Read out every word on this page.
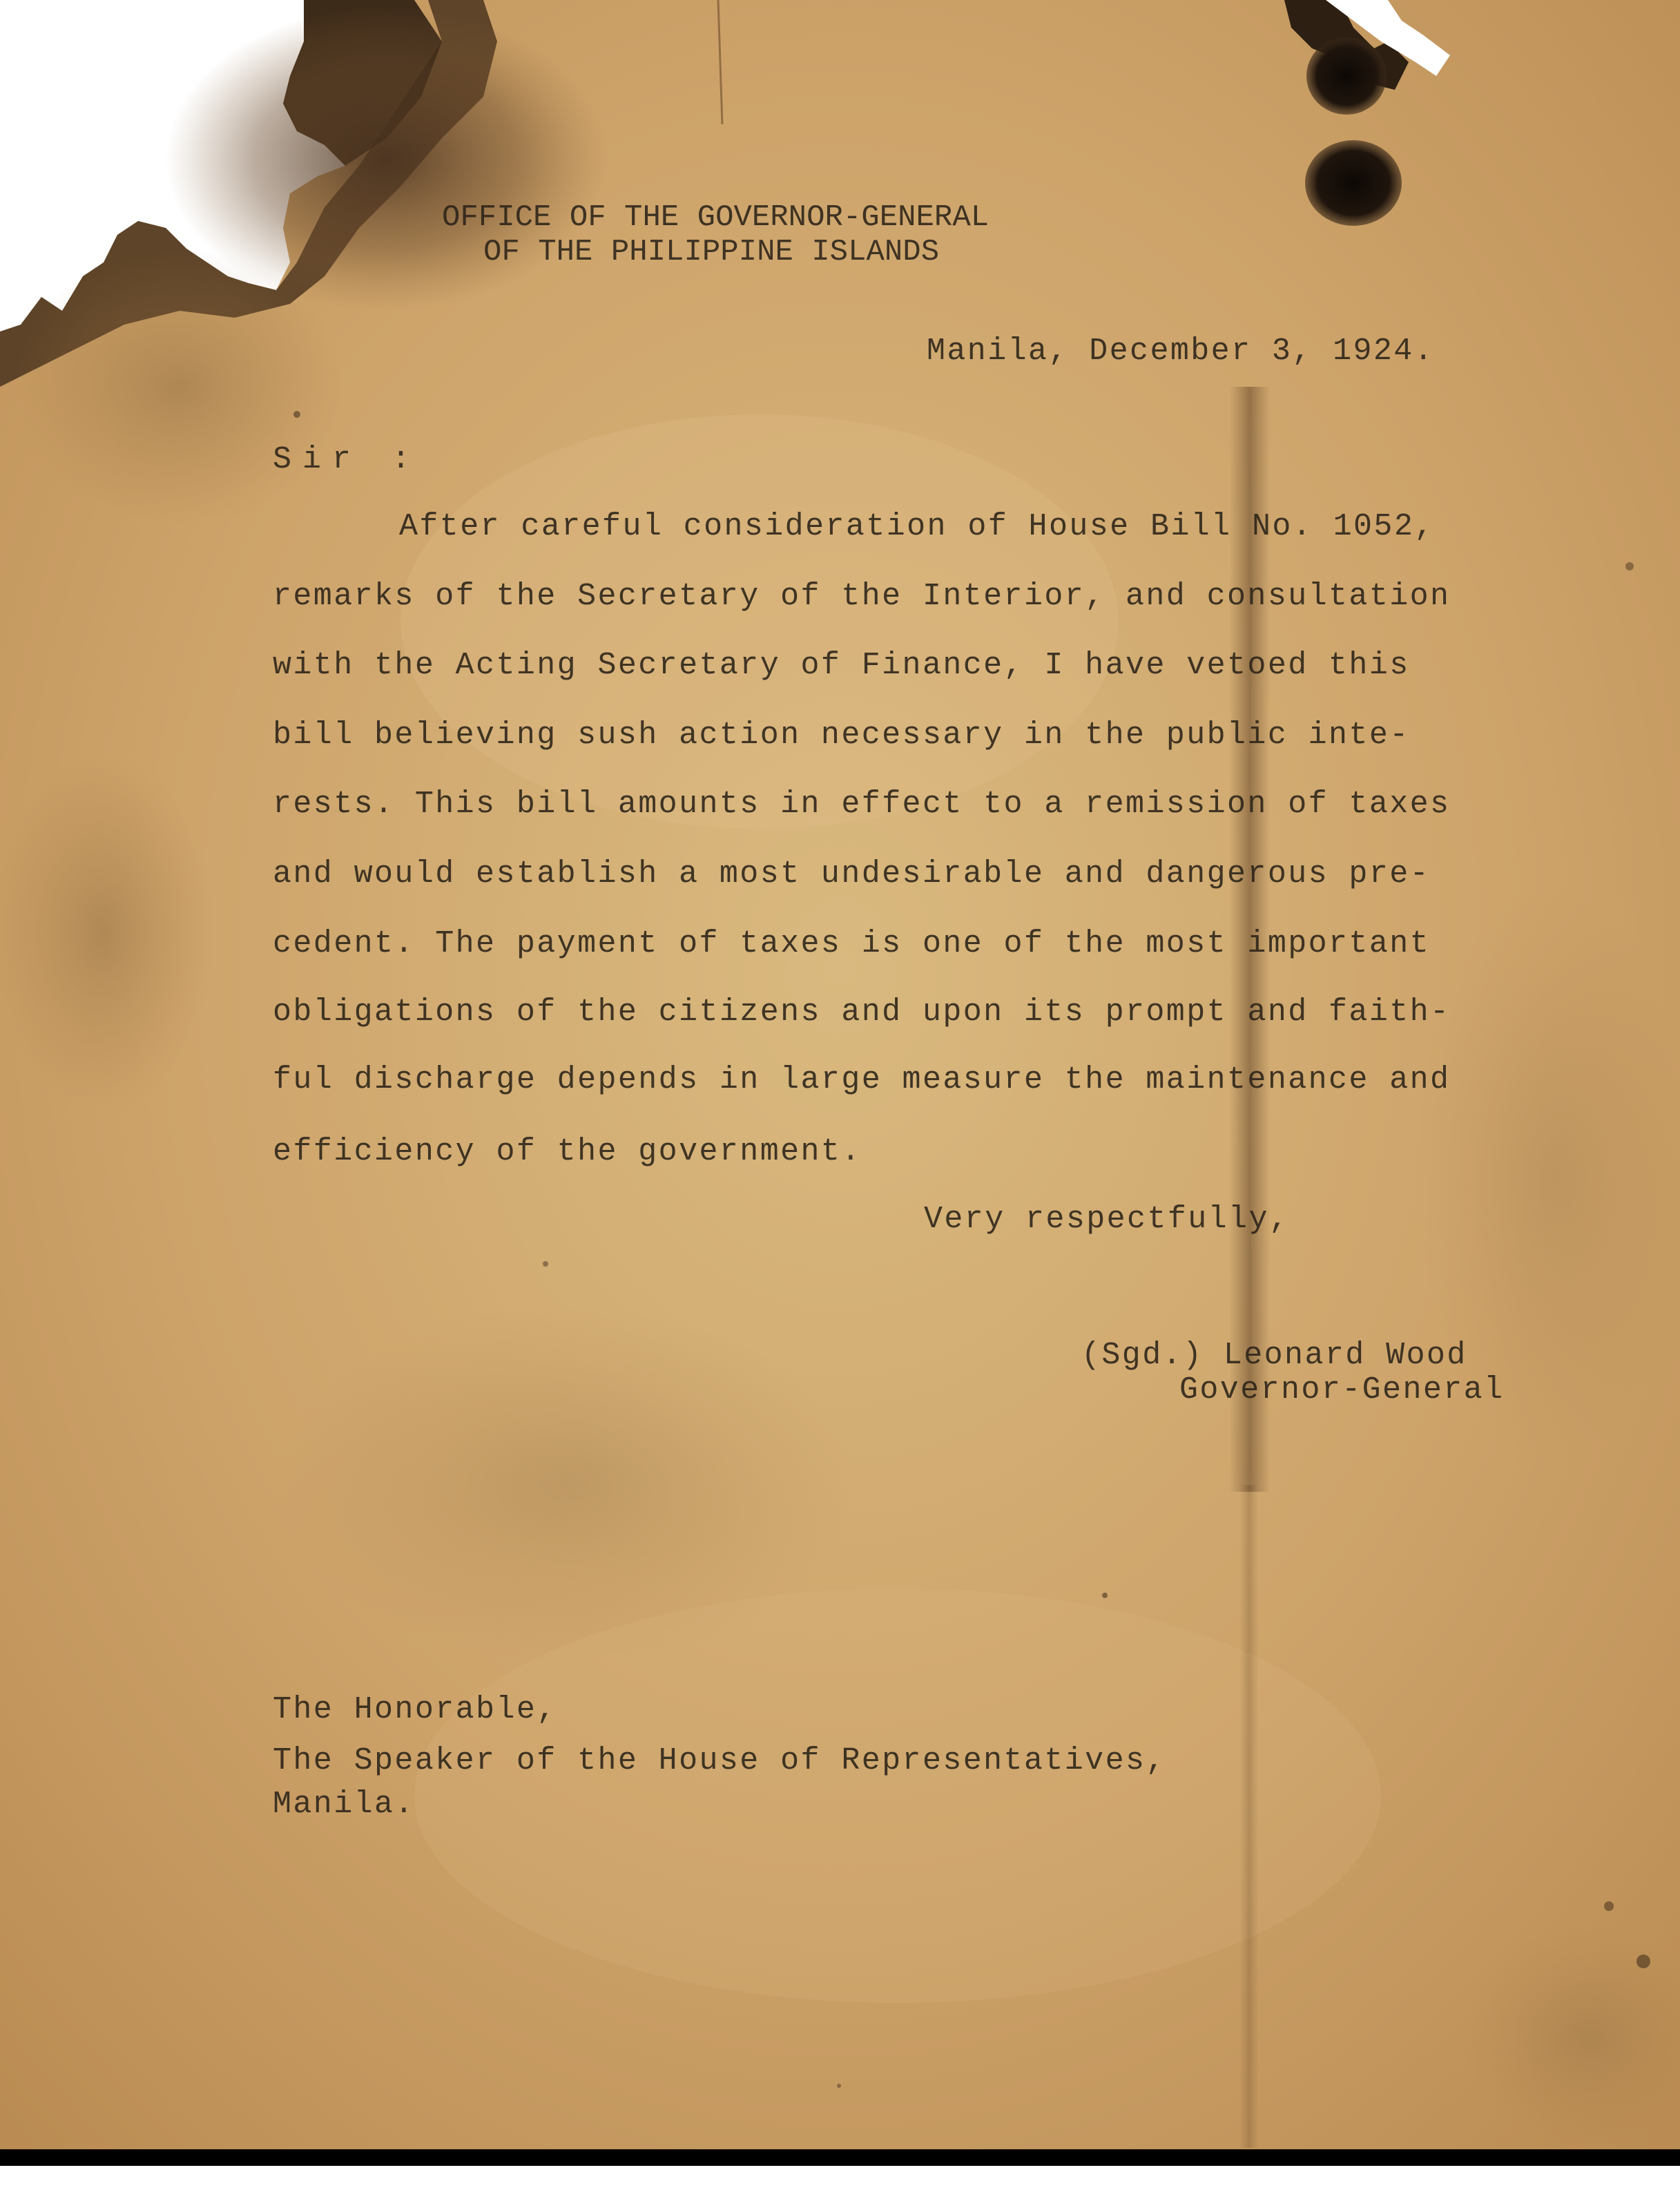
OFFICE OF THE GOVERNOR-GENERAL
OF THE PHILIPPINE ISLANDS
Manila, December 3, 1924.
Sir :
After careful consideration of House Bill No. 1052,
remarks of the Secretary of the Interior, and consultation
with the Acting Secretary of Finance, I have vetoed this
bill believing sush action necessary in the public inte-
rests. This bill amounts in effect to a remission of taxes
and would establish a most undesirable and dangerous pre-
cedent. The payment of taxes is one of the most important
obligations of the citizens and upon its prompt and faith-
ful discharge depends in large measure the maintenance and
efficiency of the government.
Very respectfully,
(Sgd.) Leonard Wood
Governor-General
The Honorable,
The Speaker of the House of Representatives,
Manila.

National Library of the Philippines NLPMQMN5007B192F020030.tif
